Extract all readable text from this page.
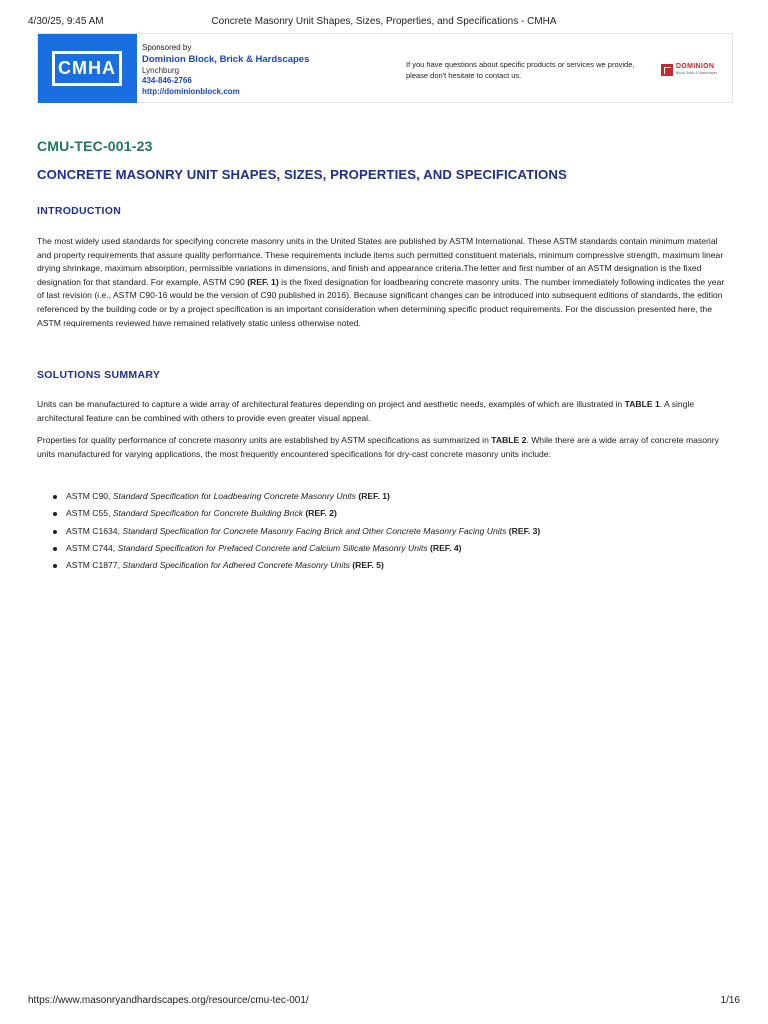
4/30/25, 9:45 AM	Concrete Masonry Unit Shapes, Sizes, Properties, and Specifications - CMHA
CMHA
Sponsored by
Dominion Block, Brick & Hardscapes
Lynchburg
434-846-2766
http://dominionblock.com
If you have questions about specific products or services we provide, please don't hesitate to contact us.
DOMINION
Block, Brick & Hardscapes
CMU-TEC-001-23
CONCRETE MASONRY UNIT SHAPES, SIZES, PROPERTIES, AND SPECIFICATIONS
INTRODUCTION

The most widely used standards for specifying concrete masonry units in the United States are published by ASTM International. These ASTM standards contain minimum material and property requirements that assure quality performance. These requirements include items such permitted constituent materials, minimum compressive strength, maximum linear drying shrinkage, maximum absorption, permissible variations in dimensions, and finish and appearance criteria.The letter and first number of an ASTM designation is the fixed designation for that standard. For example, ASTM C90 (REF. 1) is the fixed designation for loadbearing concrete masonry units. The number immediately following indicates the year of last revision (i.e., ASTM C90-16 would be the version of C90 published in 2016). Because significant changes can be introduced into subsequent editions of standards, the edition referenced by the building code or by a project specification is an important consideration when determining specific product requirements. For the discussion presented here, the ASTM requirements reviewed have remained relatively static unless otherwise noted.

SOLUTIONS SUMMARY

Units can be manufactured to capture a wide array of architectural features depending on project and aesthetic needs, examples of which are illustrated in TABLE 1. A single architectural feature can be combined with others to provide even greater visual appeal.

Properties for quality performance of concrete masonry units are established by ASTM specifications as summarized in TABLE 2. While there are a wide array of concrete masonry units manufactured for varying applications, the most frequently encountered specifications for dry-cast concrete masonry units include:

ASTM C90, Standard Specification for Loadbearing Concrete Masonry Units (REF. 1)
ASTM C55, Standard Specification for Concrete Building Brick (REF. 2)
ASTM C1634, Standard Specfiication for Concrete Masonry Facing Brick and Other Concrete Masonry Facing Units (REF. 3)
ASTM C744, Standard Specification for Prefaced Concrete and Calcium Silicate Masonry Units (REF. 4)
ASTM C1877, Standard Specification for Adhered Concrete Masonry Units (REF. 5)
https://www.masonryandhardscapes.org/resource/cmu-tec-001/	1/16
